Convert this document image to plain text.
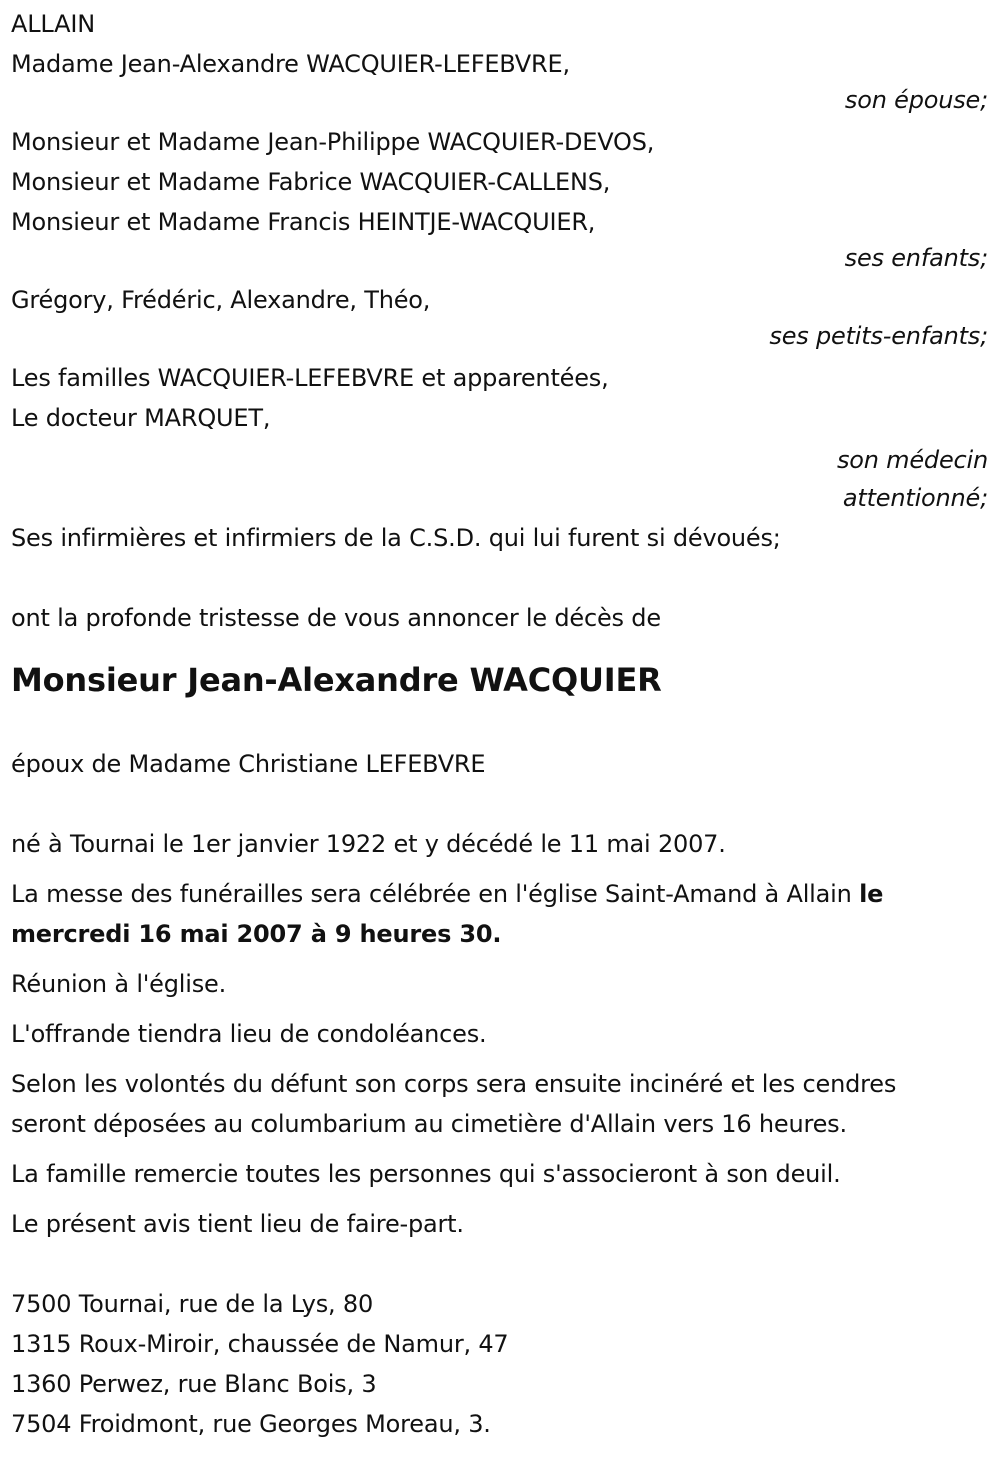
ALLAIN
Madame Jean-Alexandre WACQUIER-LEFEBVRE,
son épouse;
Monsieur et Madame Jean-Philippe WACQUIER-DEVOS,
Monsieur et Madame Fabrice WACQUIER-CALLENS,
Monsieur et Madame Francis HEINTJE-WACQUIER,
ses enfants;
Grégory, Frédéric, Alexandre, Théo,
ses petits-enfants;
Les familles WACQUIER-LEFEBVRE et apparentées,
Le docteur MARQUET,
son médecin
attentionné;
Ses infirmières et infirmiers de la C.S.D. qui lui furent si dévoués;
ont la profonde tristesse de vous annoncer le décès de
Monsieur Jean-Alexandre WACQUIER
époux de Madame Christiane LEFEBVRE
né à Tournai le 1er janvier 1922 et y décédé le 11 mai 2007.
La messe des funérailles sera célébrée en l'église Saint-Amand à Allain le mercredi 16 mai 2007 à 9 heures 30.
Réunion à l'église.
L'offrande tiendra lieu de condoléances.
Selon les volontés du défunt son corps sera ensuite incinéré et les cendres seront déposées au columbarium au cimetière d'Allain vers 16 heures.
La famille remercie toutes les personnes qui s'associeront à son deuil.
Le présent avis tient lieu de faire-part.
7500 Tournai, rue de la Lys, 80
1315 Roux-Miroir, chaussée de Namur, 47
1360 Perwez, rue Blanc Bois, 3
7504 Froidmont, rue Georges Moreau, 3.
